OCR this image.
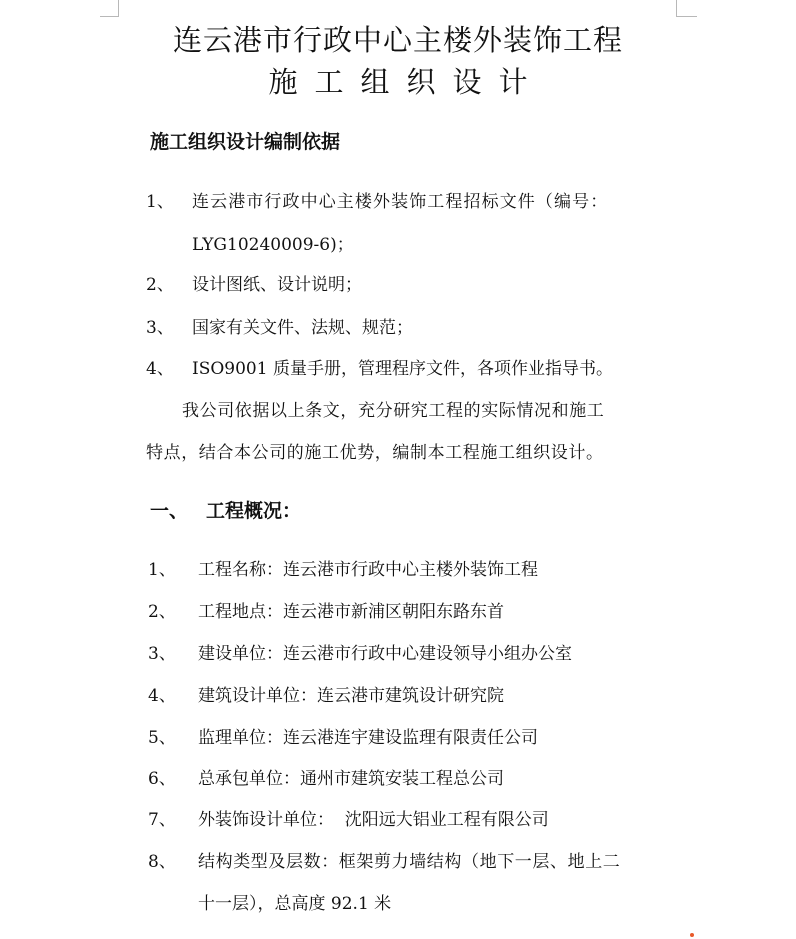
连云港市行政中心主楼外装饰工程
施工组织设计
施工组织设计编制依据
1、 连云港市行政中心主楼外装饰工程招标文件（编号：
LYG10240009-6)；
2、 设计图纸、设计说明；
3、 国家有关文件、法规、规范；
4、 ISO9001 质量手册，管理程序文件，各项作业指导书。
我公司依据以上条文，充分研究工程的实际情况和施工
特点，结合本公司的施工优势，编制本工程施工组织设计。
一、 工程概况：
1、 工程名称：连云港市行政中心主楼外装饰工程
2、 工程地点：连云港市新浦区朝阳东路东首
3、 建设单位：连云港市行政中心建设领导小组办公室
4、 建筑设计单位：连云港市建筑设计研究院
5、 监理单位：连云港连宇建设监理有限责任公司
6、 总承包单位：通州市建筑安装工程总公司
7、 外装饰设计单位：  沈阳远大铝业工程有限公司
8、 结构类型及层数：框架剪力墙结构（地下一层、地上二
十一层），总高度 92.1 米
